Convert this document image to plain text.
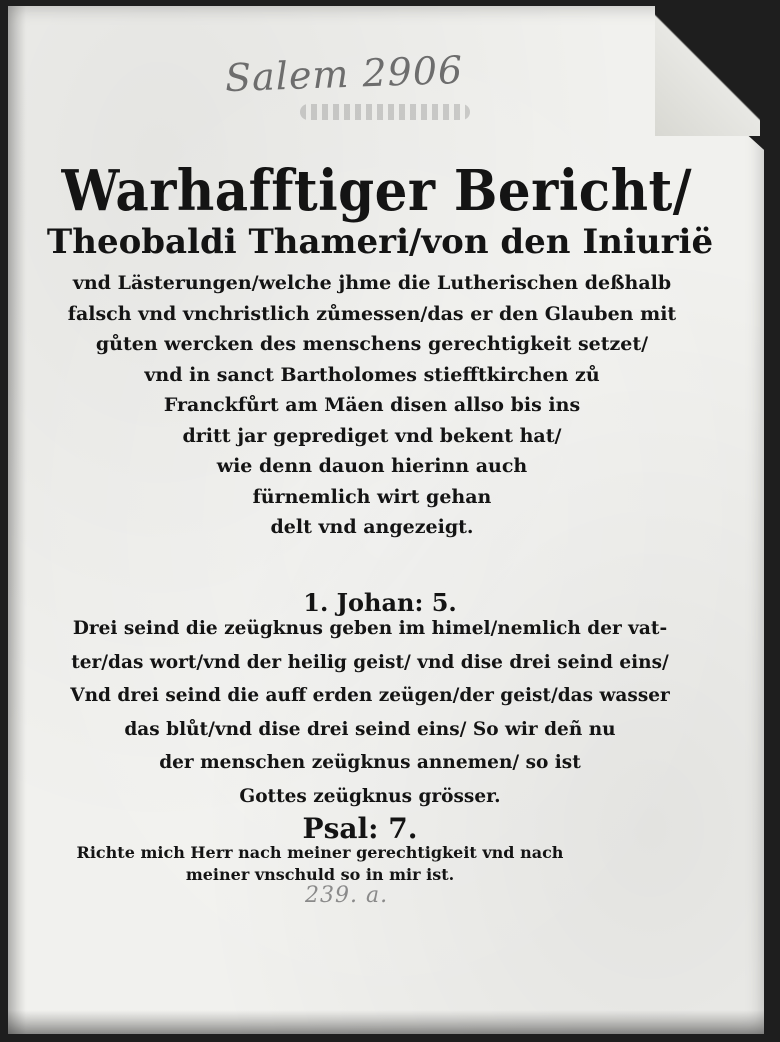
Salem 2906
Warhafftiger Bericht/
Theobaldi Thameri/von den Iniurië
vnd Lästerungen/welche jhme die Lutherischen deßhalb
falsch vnd vnchristlich zůmessen/das er den Glauben mit
gůten wercken des menschens gerechtigkeit setzet/
vnd in sanct Bartholomes stiefftkirchen zů
Franckfůrt am Mäen disen allso bis ins
dritt jar geprediget vnd bekent hat/
wie denn dauon hierinn auch
fürnemlich wirt gehan
delt vnd angezeigt.
1. Johan: 5.
Drei seind die zeügknus geben im himel/nemlich der vat-
ter/das wort/vnd der heilig geist/ vnd dise drei seind eins/
Vnd drei seind die auff erden zeügen/der geist/das wasser
das blůt/vnd dise drei seind eins/ So wir deñ nu
der menschen zeügknus annemen/ so ist
Gottes zeügknus grösser.
Psal: 7.
Richte mich Herr nach meiner gerechtigkeit vnd nach
meiner vnschuld so in mir ist.
239. a.
